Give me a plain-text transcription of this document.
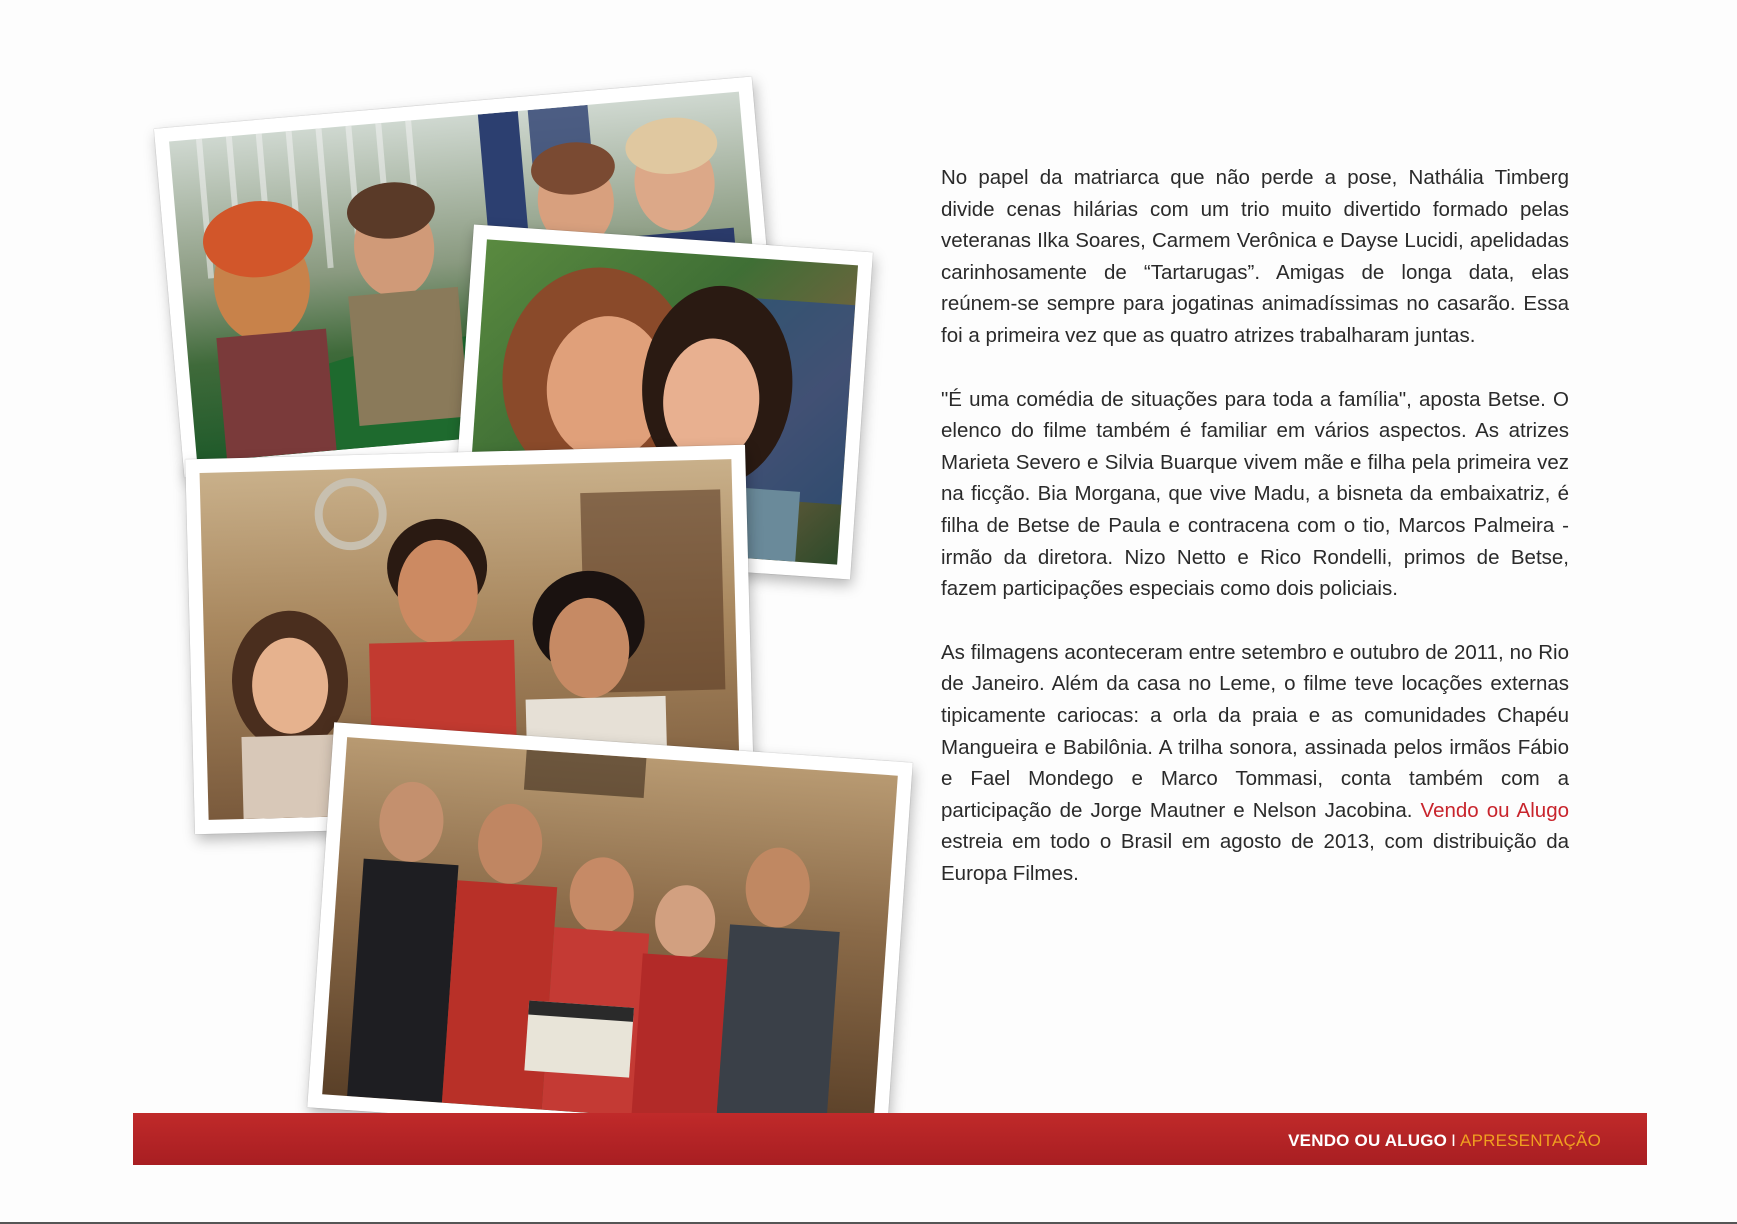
No papel da matriarca que não perde a pose, Nathália Timberg divide cenas hilárias com um trio muito divertido formado pelas veteranas Ilka Soares, Carmem Verônica e Dayse Lucidi, apelidadas carinhosamente de “Tartarugas”. Amigas de longa data, elas reúnem-se sempre para jogatinas animadíssimas no casarão. Essa foi a primeira vez que as quatro atrizes trabalharam juntas.

"É uma comédia de situações para toda a família", aposta Betse. O elenco do filme também é familiar em vários aspectos. As atrizes Marieta Severo e Silvia Buarque vivem mãe e filha pela primeira vez na ficção. Bia Morgana, que vive Madu, a bisneta da embaixatriz, é filha de Betse de Paula e contracena com o tio, Marcos Palmeira - irmão da diretora. Nizo Netto e Rico Rondelli, primos de Betse, fazem participações especiais como dois policiais.

As filmagens aconteceram entre setembro e outubro de 2011, no Rio de Janeiro. Além da casa no Leme, o filme teve locações externas tipicamente cariocas: a orla da praia e as comunidades Chapéu Mangueira e Babilônia. A trilha sonora, assinada pelos irmãos Fábio e Fael Mondego e Marco Tommasi, conta também com a participação de Jorge Mautner e Nelson Jacobina. Vendo ou Alugo estreia em todo o Brasil em agosto de 2013, com distribuição da Europa Filmes.

VENDO OU ALUGO I APRESENTAÇÃO
